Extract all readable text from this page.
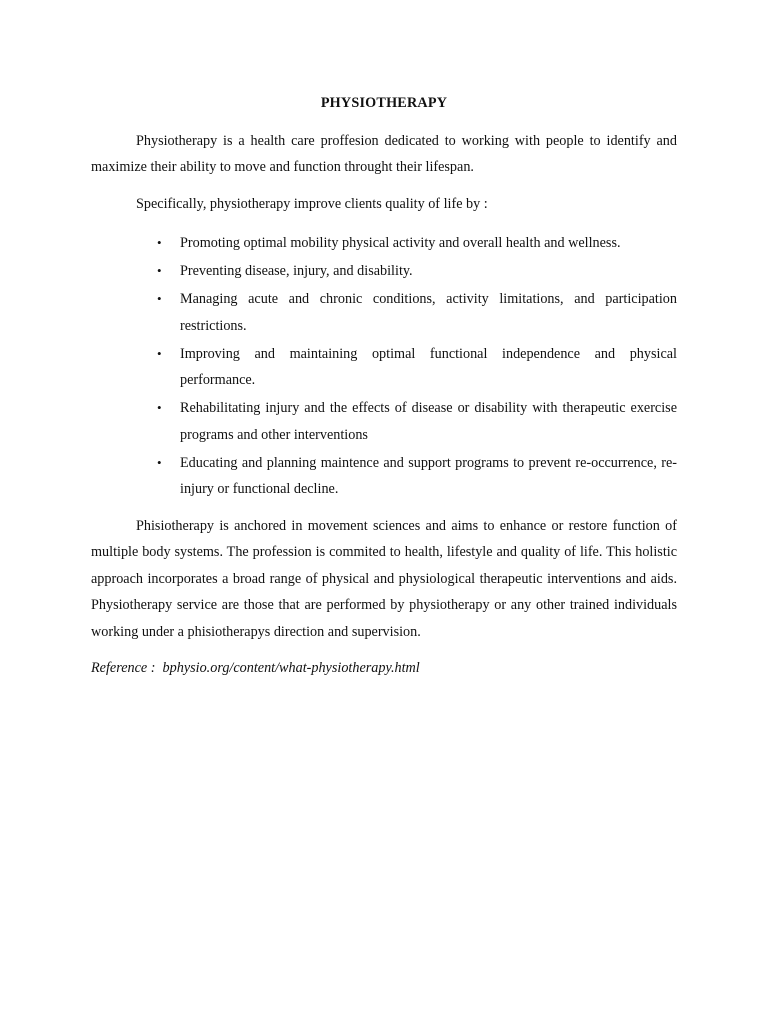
PHYSIOTHERAPY

Physiotherapy is a health care proffesion dedicated to working with people to identify and maximize their ability to move and function throught their lifespan.

Specifically, physiotherapy improve clients quality of life by :

• Promoting optimal mobility physical activity and overall health and wellness.
• Preventing disease, injury, and disability.
• Managing acute and chronic conditions, activity limitations, and participation restrictions.
• Improving and maintaining optimal functional independence and physical performance.
• Rehabilitating injury and the effects of disease or disability with therapeutic exercise programs and other interventions
• Educating and planning maintence and support programs to prevent re-occurrence, re-injury or functional decline.

Phisiotherapy is anchored in movement sciences and aims to enhance or restore function of multiple body systems. The profession is commited to health, lifestyle and quality of life. This holistic approach incorporates a broad range of physical and physiological therapeutic interventions and aids. Physiotherapy service are those that are performed by physiotherapy or any other trained individuals working under a phisiotherapys direction and supervision.

Reference :  bphysio.org/content/what-physiotherapy.html
